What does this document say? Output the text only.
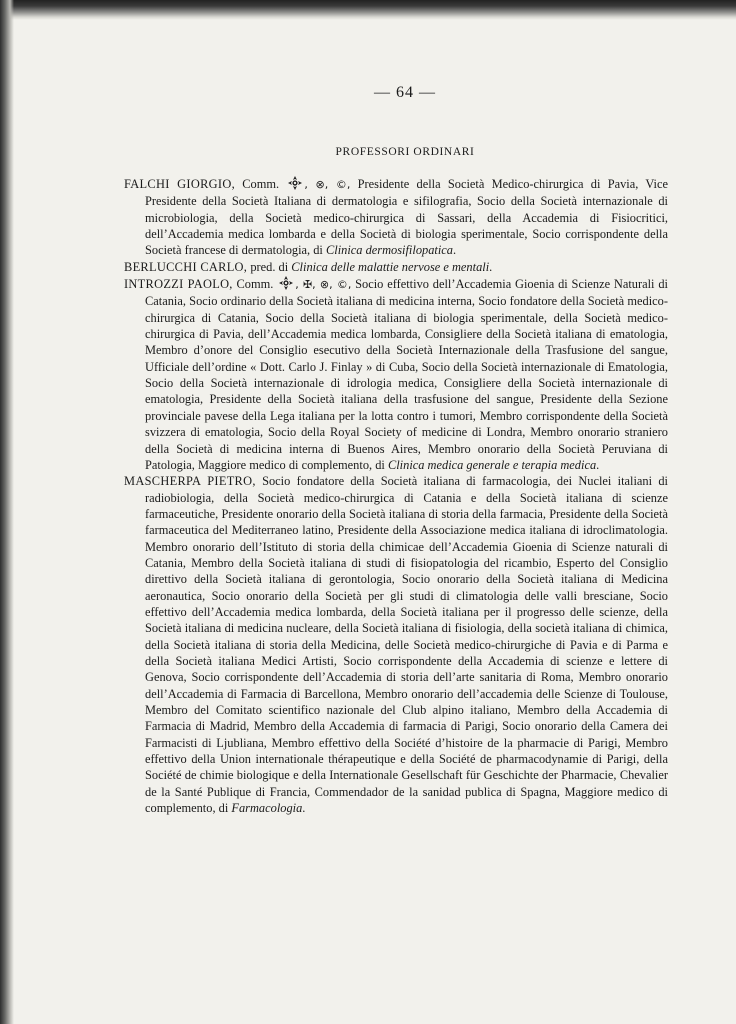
— 64 —
PROFESSORI ORDINARI

FALCHI GIORGIO, Comm. , ⊗, ©, Presidente della Società Medico-chirurgica di Pavia, Vice Presidente della Società Italiana di dermatologia e sifilografia, Socio della Società internazionale di microbiologia, della Società medico-chirurgica di Sassari, della Accademia di Fisiocritici, dell’Accademia medica lombarda e della Società di biologia sperimentale, Socio corrispondente della Società francese di dermatologia, di Clinica dermosifilopatica.

BERLUCCHI CARLO, pred. di Clinica delle malattie nervose e mentali.

INTROZZI PAOLO, Comm. , ✠, ⊗, ©, Socio effettivo dell’Accademia Gioenia di Scienze Naturali di Catania, Socio ordinario della Società italiana di medicina interna, Socio fondatore della Società medico-chirurgica di Catania, Socio della Società italiana di biologia sperimentale, della Società medico-chirurgica di Pavia, dell’Accademia medica lombarda, Consigliere della Società italiana di ematologia, Membro d’onore del Consiglio esecutivo della Società Internazionale della Trasfusione del sangue, Ufficiale dell’ordine « Dott. Carlo J. Finlay » di Cuba, Socio della Società internazionale di Ematologia, Socio della Società internazionale di idrologia medica, Consigliere della Società internazionale di ematologia, Presidente della Società italiana della trasfusione del sangue, Presidente della Sezione provinciale pavese della Lega italiana per la lotta contro i tumori, Membro corrispondente della Società svizzera di ematologia, Socio della Royal Society of medicine di Londra, Membro onorario straniero della Società di medicina interna di Buenos Aires, Membro onorario della Società Peruviana di Patologia, Maggiore medico di complemento, di Clinica medica generale e terapia medica.

MASCHERPA PIETRO, Socio fondatore della Società italiana di farmacologia, dei Nuclei italiani di radiobiologia, della Società medico-chirurgica di Catania e della Società italiana di scienze farmaceutiche, Presidente onorario della Società italiana di storia della farmacia, Presidente della Società farmaceutica del Mediterraneo latino, Presidente della Associazione medica italiana di idroclimatologia. Membro onorario dell’Istituto di storia della chimicae dell’Accademia Gioenia di Scienze naturali di Catania, Membro della Società italiana di studi di fisiopatologia del ricambio, Esperto del Consiglio direttivo della Società italiana di gerontologia, Socio onorario della Società italiana di Medicina aeronautica, Socio onorario della Società per gli studi di climatologia delle valli bresciane, Socio effettivo dell’Accademia medica lombarda, della Società italiana per il progresso delle scienze, della Società italiana di medicina nucleare, della Società italiana di fisiologia, della società italiana di chimica, della Società italiana di storia della Medicina, delle Società medico-chirurgiche di Pavia e di Parma e della Società italiana Medici Artisti, Socio corrispondente della Accademia di scienze e lettere di Genova, Socio corrispondente dell’Accademia di storia dell’arte sanitaria di Roma, Membro onorario dell’Accademia di Farmacia di Barcellona, Membro onorario dell’accademia delle Scienze di Toulouse, Membro del Comitato scientifico nazionale del Club alpino italiano, Membro della Accademia di Farmacia di Madrid, Membro della Accademia di farmacia di Parigi, Socio onorario della Camera dei Farmacisti di Ljubliana, Membro effettivo della Société d’histoire de la pharmacie di Parigi, Membro effettivo della Union internationale thérapeutique e della Société de pharmacodynamie di Parigi, della Société de chimie biologique e della Internationale Gesellschaft für Geschichte der Pharmacie, Chevalier de la Santé Publique di Francia, Commendador de la sanidad publica di Spagna, Maggiore medico di complemento, di Farmacologia.
